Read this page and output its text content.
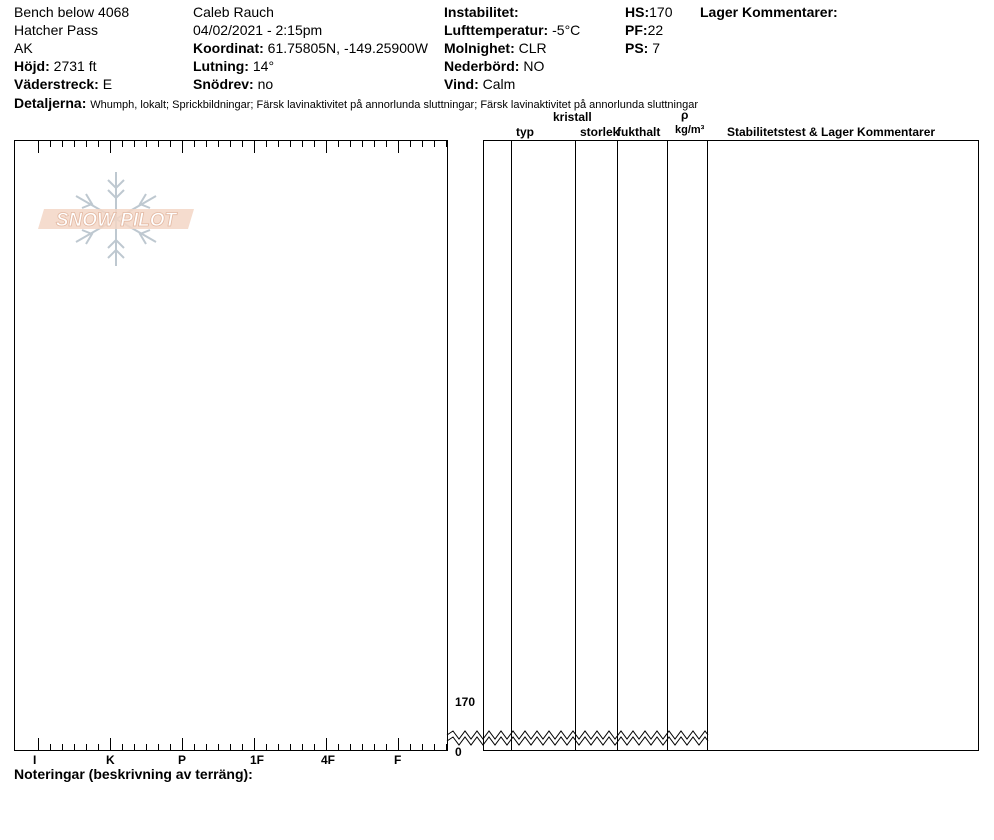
Bench below 4068
Hatcher Pass
AK
Höjd: 2731 ft
Väderstreck: E
Caleb Rauch
04/02/2021 - 2:15pm
Koordinat: 61.75805N, -149.25900W
Lutning: 14°
Snödrev: no
Instabilitet:
Lufttemperatur: -5°C
Molnighet: CLR
Nederbörd: NO
Vind: Calm
HS:170
PF:22
PS: 7
Lager Kommentarer:
Detaljerna: Whumph, lokalt; Sprickbildningar; Färsk lavinaktivitet på annorlunda sluttningar; Färsk lavinaktivitet på annorlunda sluttningar
typ
kristall
storlek
fukthalt
ρ
kg/m³ Stabilitetstest & Lager Kommentarer
SNOW PILOT
170
0
I	K	P	1F	4F	F
Noteringar (beskrivning av terräng):
